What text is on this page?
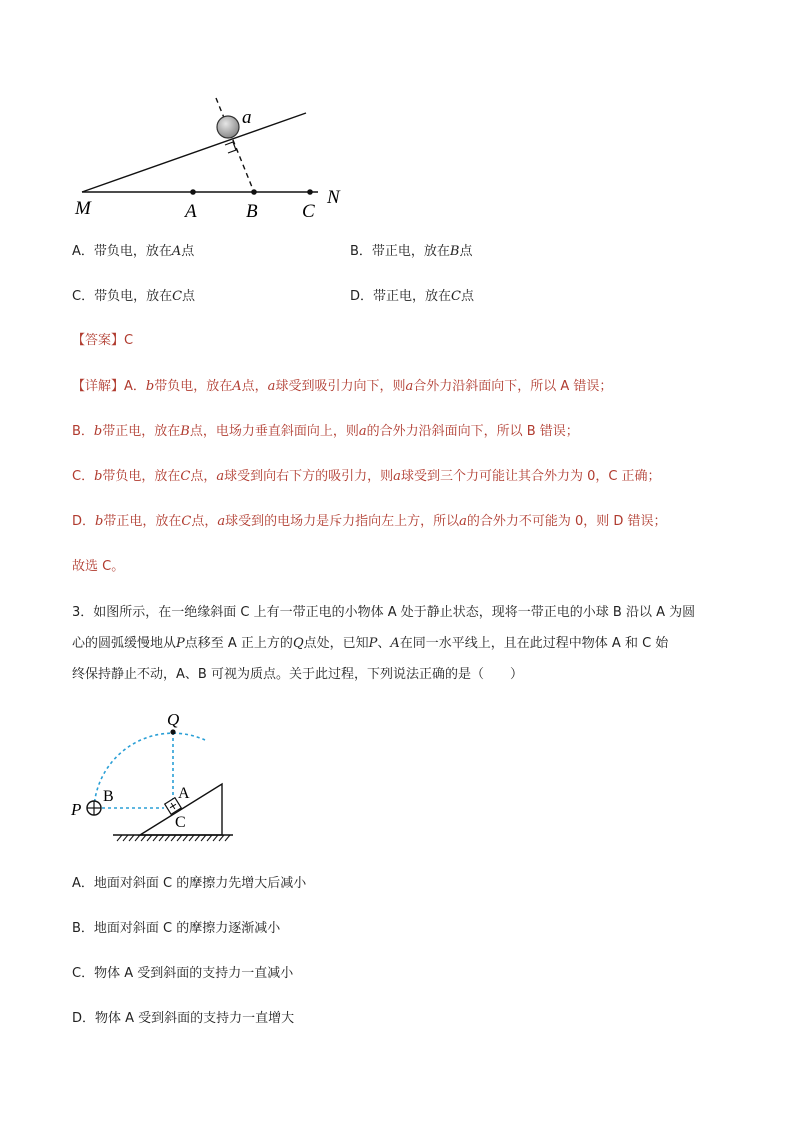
a
M	A	B C
N
A．带负电，放在A点	B．带正电，放在B点
C．带负电，放在C点	D．带正电，放在C点
【答案】C
【详解】A．b带负电，放在A点，a球受到吸引力向下，则a合外力沿斜面向下，所以 A 错误；
B．b带正电，放在B点，电场力垂直斜面向上，则a的合外力沿斜面向下，所以 B 错误；
C．b带负电，放在C点，a球受到向右下方的吸引力，则a球受到三个力可能让其合外力为 0，C 正确；
D．b带正电，放在C点，a球受到的电场力是斥力指向左上方，所以a的合外力不可能为 0，则 D 错误；
故选 C。
3．如图所示，在一绝缘斜面 C 上有一带正电的小物体 A 处于静止状态，现将一带正电的小球 B 沿以 A 为圆
心的圆弧缓慢地从P点移至 A 正上方的Q点处，已知P、A在同一水平线上，且在此过程中物体 A 和 C 始
终保持静止不动，A、B 可视为质点。关于此过程，下列说法正确的是（　　）
Q
P
B	A
C
A．地面对斜面 C 的摩擦力先增大后减小
B．地面对斜面 C 的摩擦力逐渐减小
C．物体 A 受到斜面的支持力一直减小
D．物体 A 受到斜面的支持力一直增大
